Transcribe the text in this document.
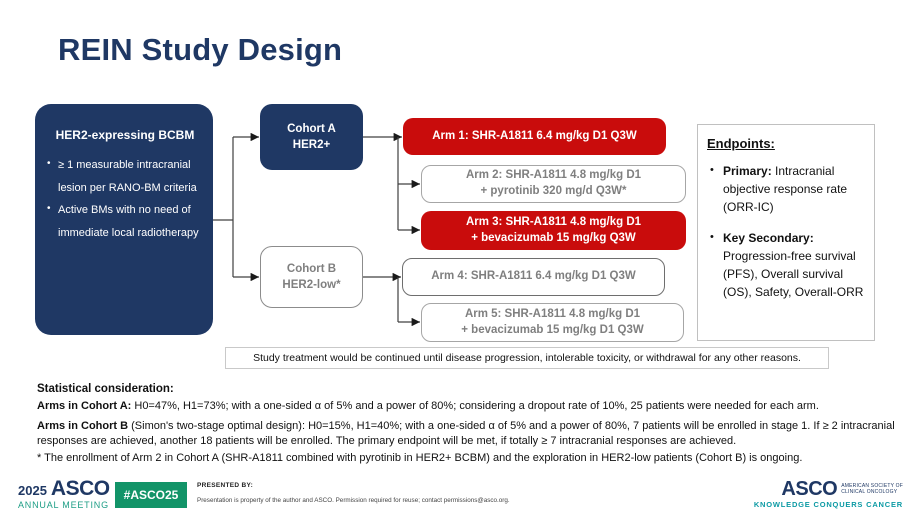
REIN Study Design
HER2-expressing BCBM
• ≥ 1 measurable intracranial lesion per RANO-BM criteria
• Active BMs with no need of immediate local radiotherapy
Cohort A
HER2+
Cohort B
HER2-low*
Arm 1: SHR-A1811 6.4 mg/kg D1 Q3W
Arm 2: SHR-A1811 4.8 mg/kg D1
+ pyrotinib 320 mg/d Q3W*
Arm 3: SHR-A1811 4.8 mg/kg D1
+ bevacizumab 15 mg/kg Q3W
Arm 4: SHR-A1811 6.4 mg/kg D1 Q3W
Arm 5: SHR-A1811 4.8 mg/kg D1
+ bevacizumab 15 mg/kg D1 Q3W
Endpoints:
• Primary: Intracranial objective response rate (ORR-IC)
• Key Secondary: Progression-free survival (PFS), Overall survival (OS), Safety, Overall-ORR
Study treatment would be continued until disease progression, intolerable toxicity, or withdrawal for any other reasons.
Statistical consideration:

Arms in Cohort A: H0=47%, H1=73%; with a one-sided α of 5% and a power of 80%; considering a dropout rate of 10%, 25 patients were needed for each arm.

Arms in Cohort B (Simon's two-stage optimal design): H0=15%, H1=40%; with a one-sided α of 5% and a power of 80%, 7 patients will be enrolled in stage 1. If ≥ 2 intracranial responses are achieved, another 18 patients will be enrolled. The primary endpoint will be met, if totally ≥ 7 intracranial responses are achieved.

* The enrollment of Arm 2 in Cohort A (SHR-A1811 combined with pyrotinib in HER2+ BCBM) and the exploration in HER2-low patients (Cohort B) is ongoing.
2025 ASCO
ANNUAL MEETING
#ASCO25
PRESENTED BY:
Presentation is property of the author and ASCO. Permission required for reuse; contact permissions@asco.org.
ASCO AMERICAN SOCIETY OF
CLINICAL ONCOLOGY
KNOWLEDGE CONQUERS CANCER
